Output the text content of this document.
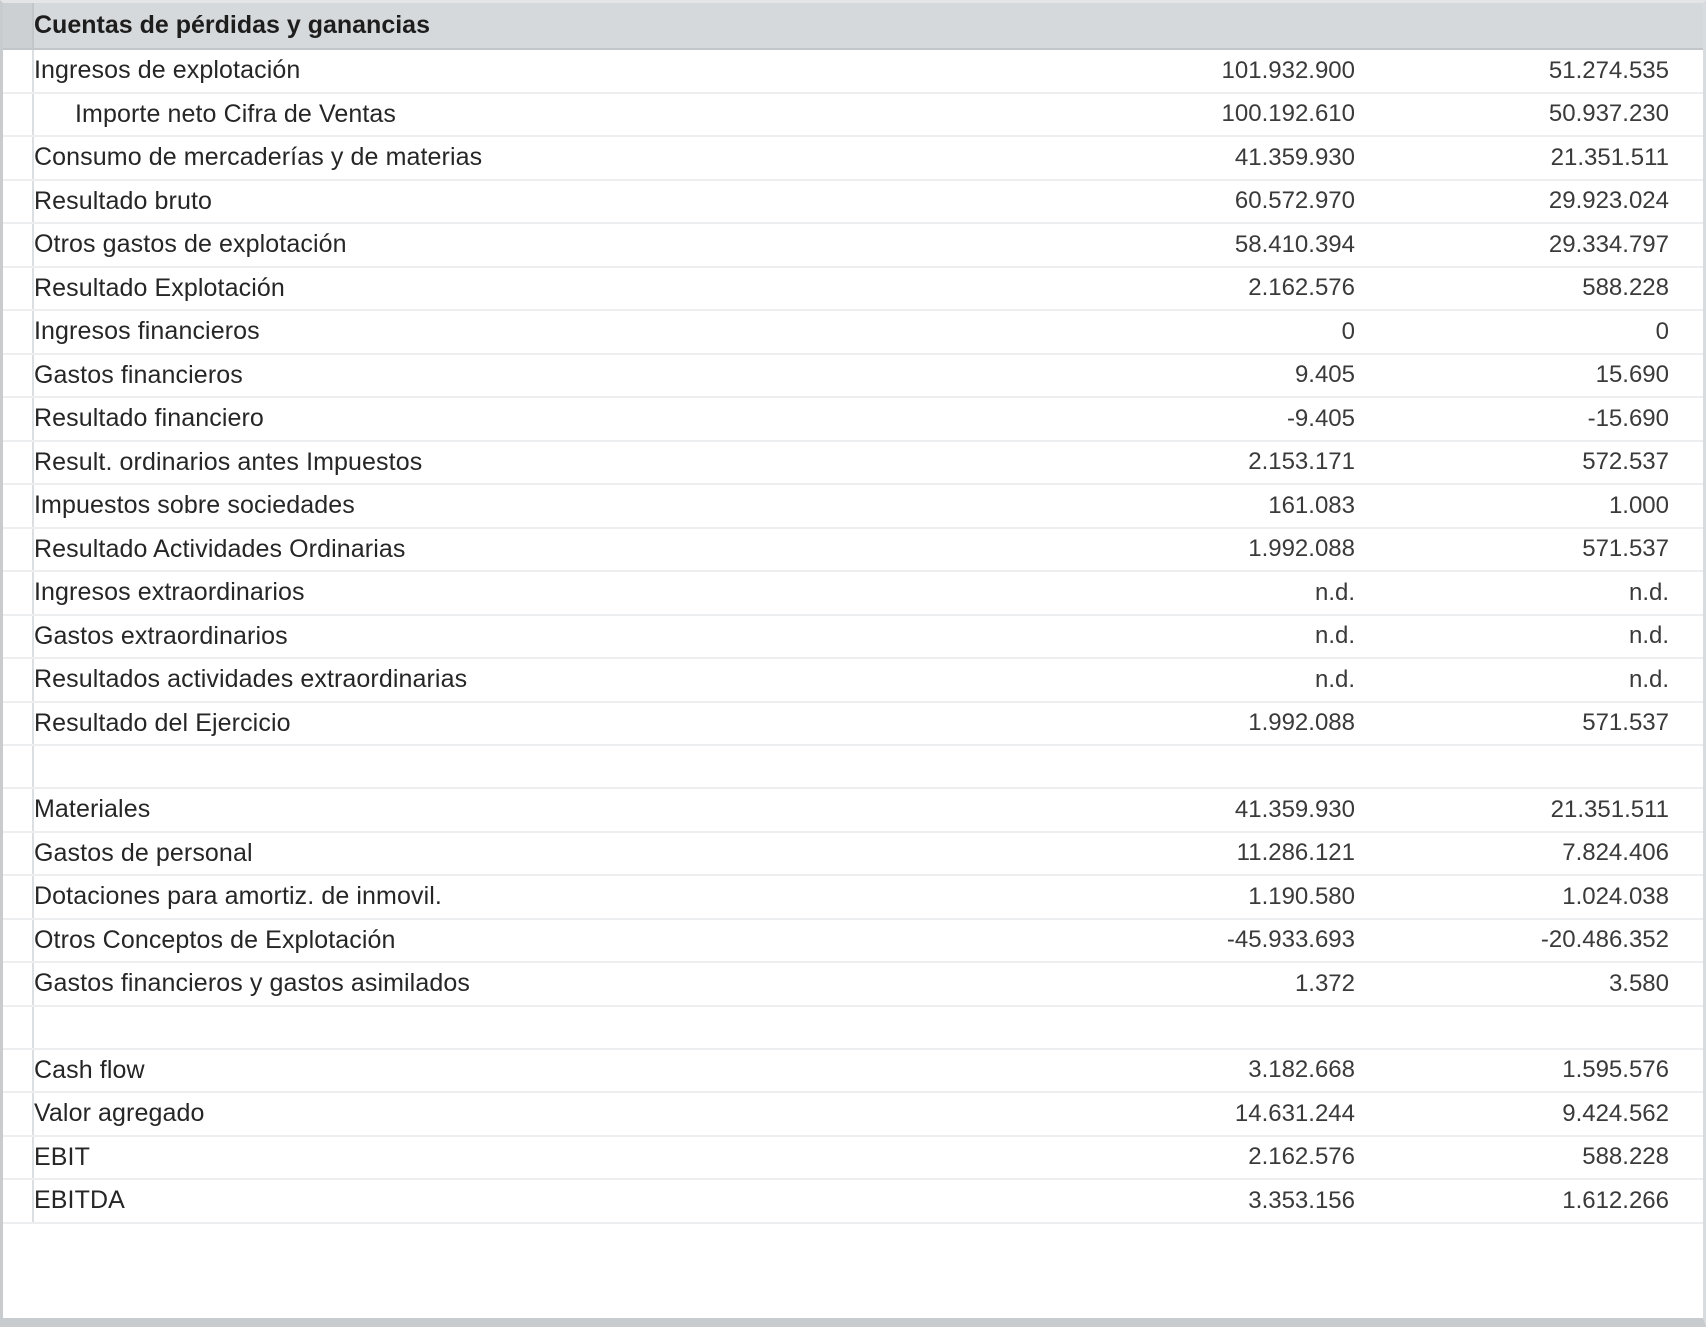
	Cuentas de pérdidas y ganancias		
	Ingresos de explotación	101.932.900	51.274.535
	Importe neto Cifra de Ventas	100.192.610	50.937.230
	Consumo de mercaderías y de materias	41.359.930	21.351.511
	Resultado bruto	60.572.970	29.923.024
	Otros gastos de explotación	58.410.394	29.334.797
	Resultado Explotación	2.162.576	588.228
	Ingresos financieros	0	0
	Gastos financieros	9.405	15.690
	Resultado financiero	-9.405	-15.690
	Result. ordinarios antes Impuestos	2.153.171	572.537
	Impuestos sobre sociedades	161.083	1.000
	Resultado Actividades Ordinarias	1.992.088	571.537
	Ingresos extraordinarios	n.d.	n.d.
	Gastos extraordinarios	n.d.	n.d.
	Resultados actividades extraordinarias	n.d.	n.d.
	Resultado del Ejercicio	1.992.088	571.537

	Materiales	41.359.930	21.351.511
	Gastos de personal	11.286.121	7.824.406
	Dotaciones para amortiz. de inmovil.	1.190.580	1.024.038
	Otros Conceptos de Explotación	-45.933.693	-20.486.352
	Gastos financieros y gastos asimilados	1.372	3.580

	Cash flow	3.182.668	1.595.576
	Valor agregado	14.631.244	9.424.562
	EBIT	2.162.576	588.228
	EBITDA	3.353.156	1.612.266
